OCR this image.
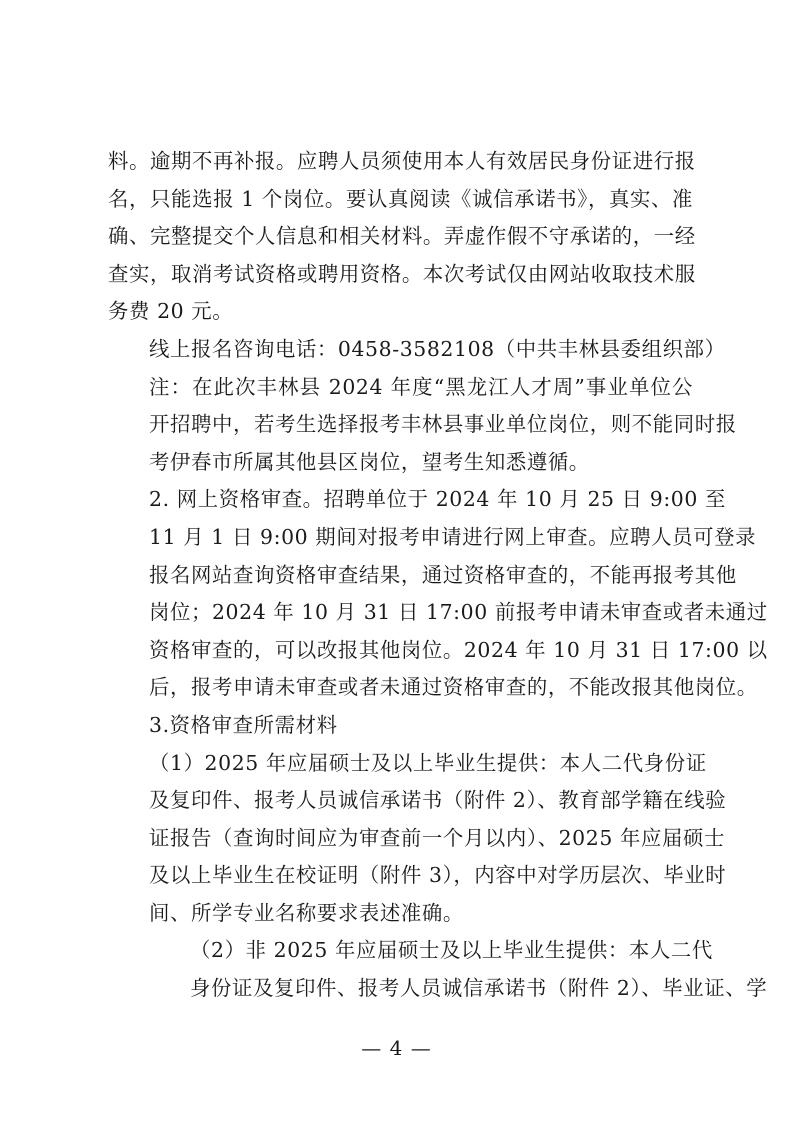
料。逾期不再补报。应聘人员须使用本人有效居民身份证进行报
名，只能选报 1 个岗位。要认真阅读《诚信承诺书》，真实、准
确、完整提交个人信息和相关材料。弄虚作假不守承诺的，一经
查实，取消考试资格或聘用资格。本次考试仅由网站收取技术服
务费 20 元。

线上报名咨询电话：0458-3582108（中共丰林县委组织部）

注：在此次丰林县 2024 年度“黑龙江人才周”事业单位公
开招聘中，若考生选择报考丰林县事业单位岗位，则不能同时报
考伊春市所属其他县区岗位，望考生知悉遵循。

2. 网上资格审查。招聘单位于 2024 年 10 月 25 日 9:00 至
11 月 1 日 9:00 期间对报考申请进行网上审查。应聘人员可登录
报名网站查询资格审查结果，通过资格审查的，不能再报考其他
岗位；2024 年 10 月 31 日 17:00 前报考申请未审查或者未通过
资格审查的，可以改报其他岗位。2024 年 10 月 31 日 17:00 以
后，报考申请未审查或者未通过资格审查的，不能改报其他岗位。

3.资格审查所需材料

（1）2025 年应届硕士及以上毕业生提供：本人二代身份证
及复印件、报考人员诚信承诺书（附件 2）、教育部学籍在线验
证报告（查询时间应为审查前一个月以内）、2025 年应届硕士
及以上毕业生在校证明（附件 3），内容中对学历层次、毕业时
间、所学专业名称要求表述准确。

（2）非 2025 年应届硕士及以上毕业生提供：本人二代
身份证及复印件、报考人员诚信承诺书（附件 2）、毕业证、学

— 4 —
